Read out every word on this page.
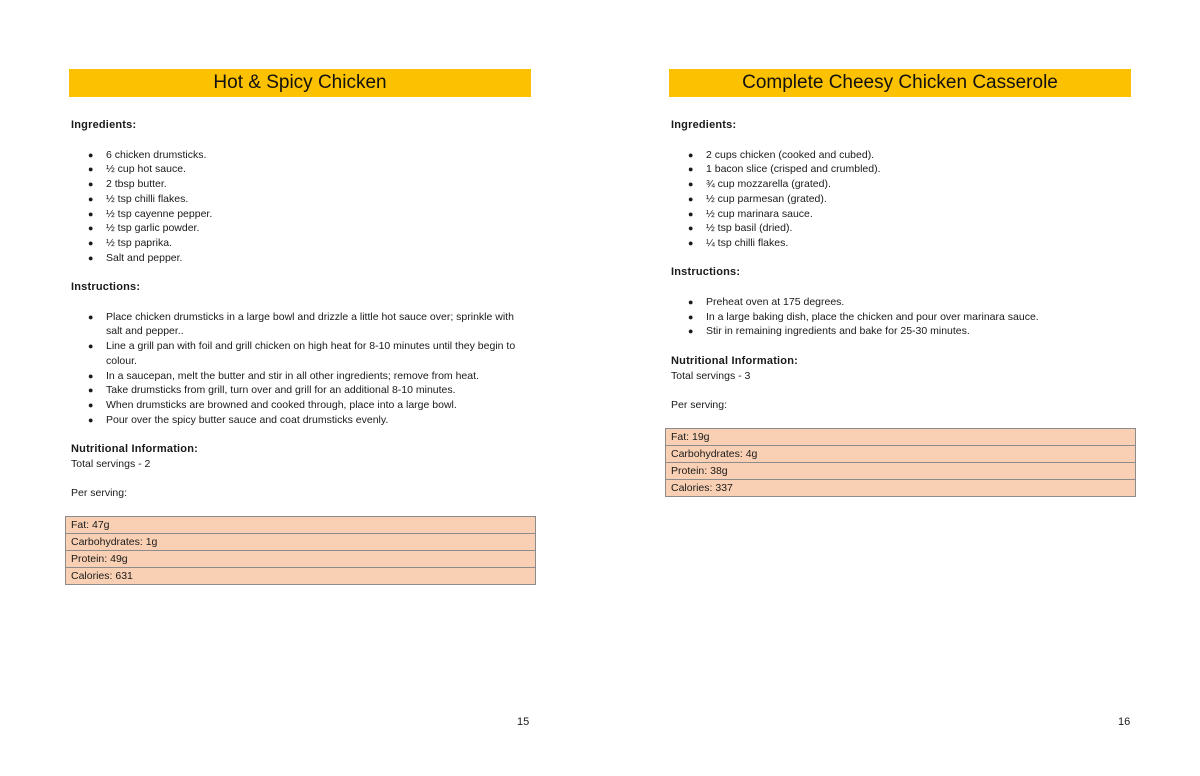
Hot & Spicy Chicken
Ingredients:
● 6 chicken drumsticks.
● ½ cup hot sauce.
● 2 tbsp butter.
● ½ tsp chilli flakes.
● ½ tsp cayenne pepper.
● ½ tsp garlic powder.
● ½ tsp paprika.
● Salt and pepper.
Instructions:
● Place chicken drumsticks in a large bowl and drizzle a little hot sauce over; sprinkle with salt and pepper..
● Line a grill pan with foil and grill chicken on high heat for 8-10 minutes until they begin to colour.
● In a saucepan, melt the butter and stir in all other ingredients; remove from heat.
● Take drumsticks from grill, turn over and grill for an additional 8-10 minutes.
● When drumsticks are browned and cooked through, place into a large bowl.
● Pour over the spicy butter sauce and coat drumsticks evenly.
Nutritional Information:
Total servings - 2
Per serving:
Fat: 47g
Carbohydrates: 1g
Protein: 49g
Calories: 631
15
Complete Cheesy Chicken Casserole
Ingredients:
● 2 cups chicken (cooked and cubed).
● 1 bacon slice (crisped and crumbled).
● ¾ cup mozzarella (grated).
● ½ cup parmesan (grated).
● ½ cup marinara sauce.
● ½ tsp basil (dried).
● ¼ tsp chilli flakes.
Instructions:
● Preheat oven at 175 degrees.
● In a large baking dish, place the chicken and pour over marinara sauce.
● Stir in remaining ingredients and bake for 25-30 minutes.
Nutritional Information:
Total servings - 3
Per serving:
Fat: 19g
Carbohydrates: 4g
Protein: 38g
Calories: 337
16
